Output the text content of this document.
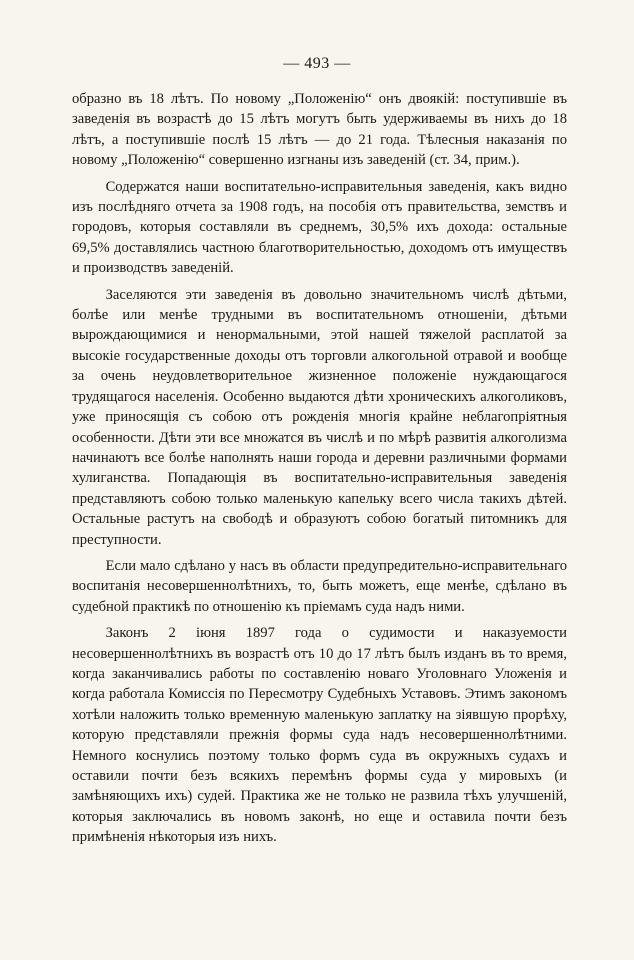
— 493 —

образно въ 18 лѣтъ. По новому „Положенію“ онъ двоякій: поступившіе въ заведенія въ возрастѣ до 15 лѣтъ могутъ быть удерживаемы въ нихъ до 18 лѣтъ, а поступившіе послѣ 15 лѣтъ — до 21 года. Тѣлесныя наказанія по новому „Положенію“ совершенно изгнаны изъ заведеній (ст. 34, прим.).

Содержатся наши воспитательно-исправительныя заведенія, какъ видно изъ послѣдняго отчета за 1908 годъ, на пособія отъ правительства, земствъ и городовъ, которыя составляли въ среднемъ, 30,5% ихъ дохода: остальные 69,5% доставлялись частною благотворительностью, доходомъ отъ имуществъ и производствъ заведеній.

Заселяются эти заведенія въ довольно значительномъ числѣ дѣтьми, болѣе или менѣе трудными въ воспитательномъ отношеніи, дѣтьми вырождающимися и ненормальными, этой нашей тяжелой расплатой за высокіе государственные доходы отъ торговли алкогольной отравой и вообще за очень неудовлетворительное жизненное положеніе нуждающагося трудящагося населенія. Особенно выдаются дѣти хроническихъ алкоголиковъ, уже приносящія съ собою отъ рожденія многія крайне неблагопріятныя особенности. Дѣти эти все множатся въ числѣ и по мѣрѣ развитія алкоголизма начинаютъ все болѣе наполнять наши города и деревни различными формами хулиганства. Попадающія въ воспитательно-исправительныя заведенія представляютъ собою только маленькую капельку всего числа такихъ дѣтей. Остальные растутъ на свободѣ и образуютъ собою богатый питомникъ для преступности.

Если мало сдѣлано у насъ въ области предупредительно-исправительнаго воспитанія несовершеннолѣтнихъ, то, быть можетъ, еще менѣе, сдѣлано въ судебной практикѣ по отношенію къ пріемамъ суда надъ ними.

Законъ 2 іюня 1897 года о судимости и наказуемости несовершеннолѣтнихъ въ возрастѣ отъ 10 до 17 лѣтъ былъ изданъ въ то время, когда заканчивались работы по составленію новаго Уголовнаго Уложенія и когда работала Комиссія по Пересмотру Судебныхъ Уставовъ. Этимъ закономъ хотѣли наложить только временную маленькую заплатку на зіявшую прорѣху, которую представляли прежнія формы суда надъ несовершеннолѣтними. Немного коснулись поэтому только формъ суда въ окружныхъ судахъ и оставили почти безъ всякихъ перемѣнъ формы суда у мировыхъ (и замѣняющихъ ихъ) судей. Практика же не только не развила тѣхъ улучшеній, которыя заключались въ новомъ законѣ, но еще и оставила почти безъ примѣненія нѣкоторыя изъ нихъ.
